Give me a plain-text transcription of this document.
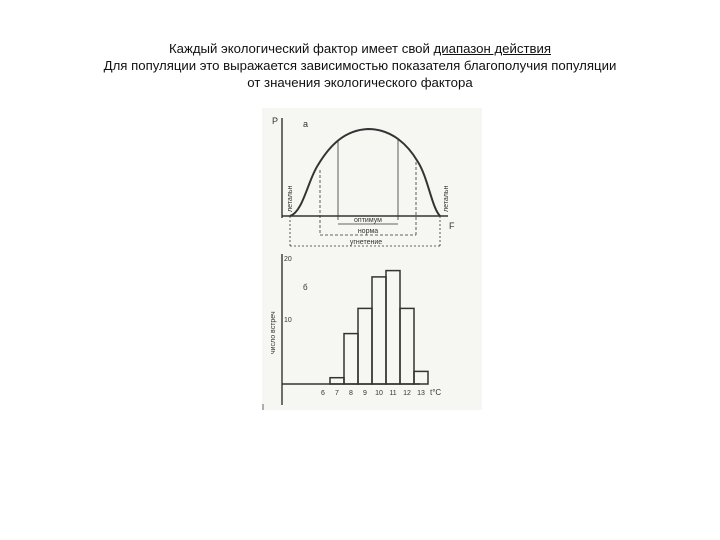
Каждый экологический фактор имеет свой диапазон действия
Для популяции это выражается зависимостью показателя благополучия популяции
от значения экологического фактора
P	а
F
летальн	летальн
оптимум
норма
угнетение
20
10
б
число встреч
6 7 8 9 10 11 12 13 t°C
